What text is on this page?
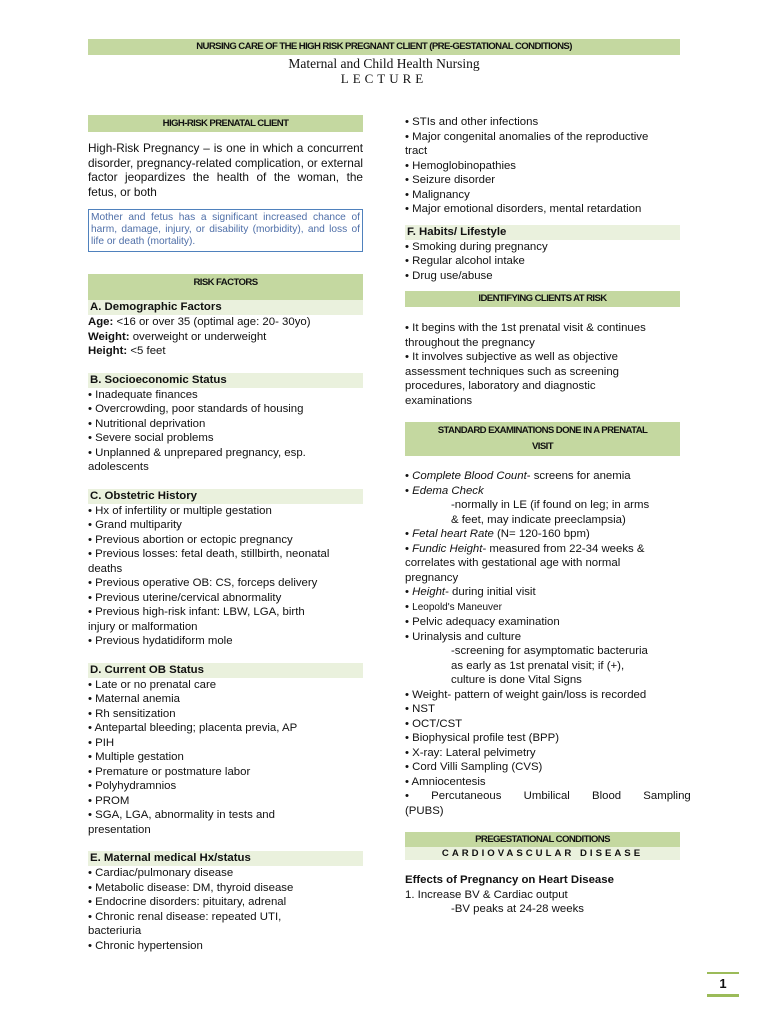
NURSING CARE OF THE HIGH RISK PREGNANT CLIENT (PRE-GESTATIONAL CONDITIONS)
Maternal and Child Health Nursing
LECTURE
HIGH-RISK PRENATAL CLIENT
High-Risk Pregnancy – is one in which a concurrent disorder, pregnancy-related complication, or external factor jeopardizes the health of the woman, the fetus, or both
Mother and fetus has a significant increased chance of harm, damage, injury, or disability (morbidity), and loss of life or death (mortality).
RISK FACTORS
A. Demographic Factors
Age: <16 or over 35 (optimal age: 20- 30yo)
Weight: overweight or underweight
Height: <5 feet
B. Socioeconomic Status
• Inadequate finances
• Overcrowding, poor standards of housing
• Nutritional deprivation
• Severe social problems
• Unplanned & unprepared pregnancy, esp.
adolescents
C. Obstetric History
• Hx of infertility or multiple gestation
• Grand multiparity
• Previous abortion or ectopic pregnancy
• Previous losses: fetal death, stillbirth, neonatal
deaths
• Previous operative OB: CS, forceps delivery
• Previous uterine/cervical abnormality
• Previous high-risk infant: LBW, LGA, birth
injury or malformation
• Previous hydatidiform mole
D. Current OB Status
• Late or no prenatal care
• Maternal anemia
• Rh sensitization
• Antepartal bleeding; placenta previa, AP
• PIH
• Multiple gestation
• Premature or postmature labor
• Polyhydramnios
• PROM
• SGA, LGA, abnormality in tests and
presentation
E. Maternal medical Hx/status
• Cardiac/pulmonary disease
• Metabolic disease: DM, thyroid disease
• Endocrine disorders: pituitary, adrenal
• Chronic renal disease: repeated UTI,
bacteriuria
• Chronic hypertension
• STIs and other infections
• Major congenital anomalies of the reproductive
tract
• Hemoglobinopathies
• Seizure disorder
• Malignancy
• Major emotional disorders, mental retardation
F. Habits/ Lifestyle
• Smoking during pregnancy
• Regular alcohol intake
• Drug use/abuse
IDENTIFYING CLIENTS AT RISK
• It begins with the 1st prenatal visit & continues
throughout the pregnancy
• It involves subjective as well as objective
assessment techniques such as screening
procedures, laboratory and diagnostic
examinations
STANDARD EXAMINATIONS DONE IN A PRENATAL
VISIT
• Complete Blood Count- screens for anemia
• Edema Check
-normally in LE (if found on leg; in arms
& feet, may indicate preeclampsia)
• Fetal heart Rate (N= 120-160 bpm)
• Fundic Height- measured from 22-34 weeks &
correlates with gestational age with normal
pregnancy
• Height- during initial visit
• Leopold's Maneuver
• Pelvic adequacy examination
• Urinalysis and culture
-screening for asymptomatic bacteruria
as early as 1st prenatal visit; if (+),
culture is done Vital Signs
• Weight- pattern of weight gain/loss is recorded
• NST
• OCT/CST
• Biophysical profile test (BPP)
• X-ray: Lateral pelvimetry
• Cord Villi Sampling (CVS)
• Amniocentesis
• Percutaneous Umbilical Blood Sampling
(PUBS)
PREGESTATIONAL CONDITIONS
CARDIOVASCULAR DISEASE
Effects of Pregnancy on Heart Disease
1. Increase BV & Cardiac output
-BV peaks at 24-28 weeks
1
